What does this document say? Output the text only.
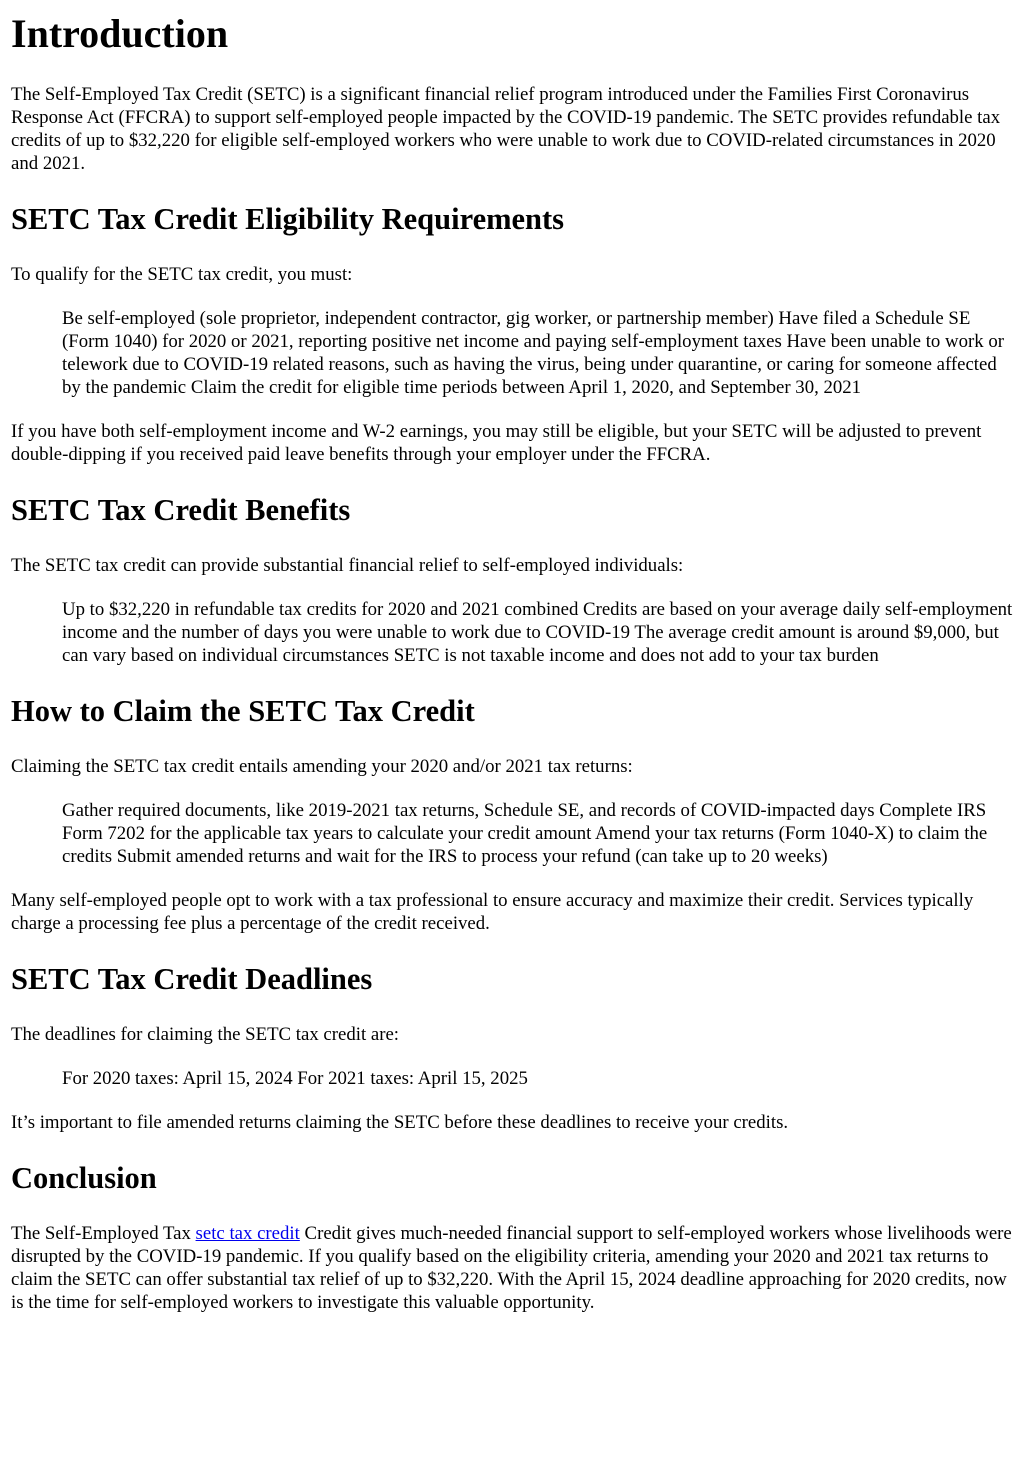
Introduction

The Self-Employed Tax Credit (SETC) is a significant financial relief program introduced under the Families First Coronavirus Response Act (FFCRA) to support self-employed people impacted by the COVID-19 pandemic. The SETC provides refundable tax credits of up to $32,220 for eligible self-employed workers who were unable to work due to COVID-related circumstances in 2020 and 2021.

SETC Tax Credit Eligibility Requirements

To qualify for the SETC tax credit, you must:

Be self-employed (sole proprietor, independent contractor, gig worker, or partnership member) Have filed a Schedule SE (Form 1040) for 2020 or 2021, reporting positive net income and paying self-employment taxes Have been unable to work or telework due to COVID-19 related reasons, such as having the virus, being under quarantine, or caring for someone affected by the pandemic Claim the credit for eligible time periods between April 1, 2020, and September 30, 2021

If you have both self-employment income and W-2 earnings, you may still be eligible, but your SETC will be adjusted to prevent double-dipping if you received paid leave benefits through your employer under the FFCRA.

SETC Tax Credit Benefits

The SETC tax credit can provide substantial financial relief to self-employed individuals:

Up to $32,220 in refundable tax credits for 2020 and 2021 combined Credits are based on your average daily self-employment income and the number of days you were unable to work due to COVID-19 The average credit amount is around $9,000, but can vary based on individual circumstances SETC is not taxable income and does not add to your tax burden
How to Claim the SETC Tax Credit

Claiming the SETC tax credit entails amending your 2020 and/or 2021 tax returns:

Gather required documents, like 2019-2021 tax returns, Schedule SE, and records of COVID-impacted days Complete IRS Form 7202 for the applicable tax years to calculate your credit amount Amend your tax returns (Form 1040-X) to claim the credits Submit amended returns and wait for the IRS to process your refund (can take up to 20 weeks)

Many self-employed people opt to work with a tax professional to ensure accuracy and maximize their credit. Services typically charge a processing fee plus a percentage of the credit received.

SETC Tax Credit Deadlines

The deadlines for claiming the SETC tax credit are:

For 2020 taxes: April 15, 2024 For 2021 taxes: April 15, 2025

It’s important to file amended returns claiming the SETC before these deadlines to receive your credits.

Conclusion

The Self-Employed Tax setc tax credit Credit gives much-needed financial support to self-employed workers whose livelihoods were disrupted by the COVID-19 pandemic. If you qualify based on the eligibility criteria, amending your 2020 and 2021 tax returns to claim the SETC can offer substantial tax relief of up to $32,220. With the April 15, 2024 deadline approaching for 2020 credits, now is the time for self-employed workers to investigate this valuable opportunity.
